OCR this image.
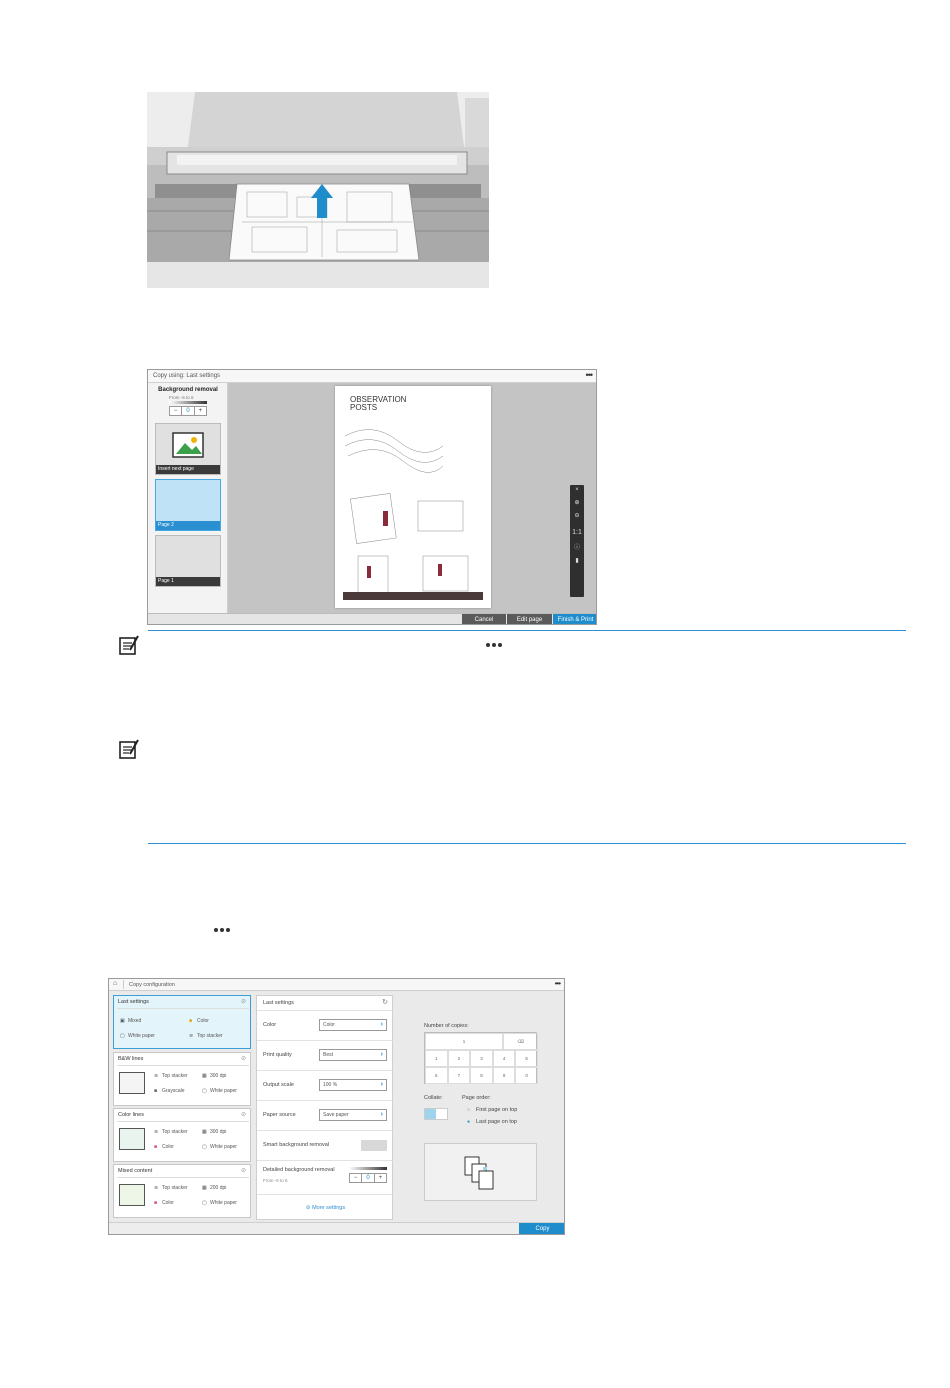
Copy using: Last settings	•••
Background removal
From -6 to 6
−	0	+
Insert next page
Page 2
Page 1
OBSERVATION
POSTS
×
⊕
⊖
1:1
ⓘ
▮
Cancel	Edit page	Finish & Print
⌂ Copy configuration	•••
Last settings	⊘
▣ Mixed	■ Color
▢ White paper	≋ Top stacker
B&W lines	⊘
≋ Top stacker	▦ 300 dpi
■ Grayscale	▢ White paper
Color lines	⊘
≋ Top stacker	▦ 300 dpi
■ Color	▢ White paper
Mixed content	⊘
≋ Top stacker	▦ 200 dpi
■ Color	▢ White paper
Last settings	↻
Color	Color	›
Print quality	Best	›
Output scale	100 %	›
Paper source	Save paper	›
Smart background removal
Detailed background removal
From -6 to 6	−	0	+
⊘ More settings
Number of copies:
1	⌫
1	2	3	4	5
6	7	8	9	0
Collate:	Page order:
○ First page on top
● Last page on top
Copy
